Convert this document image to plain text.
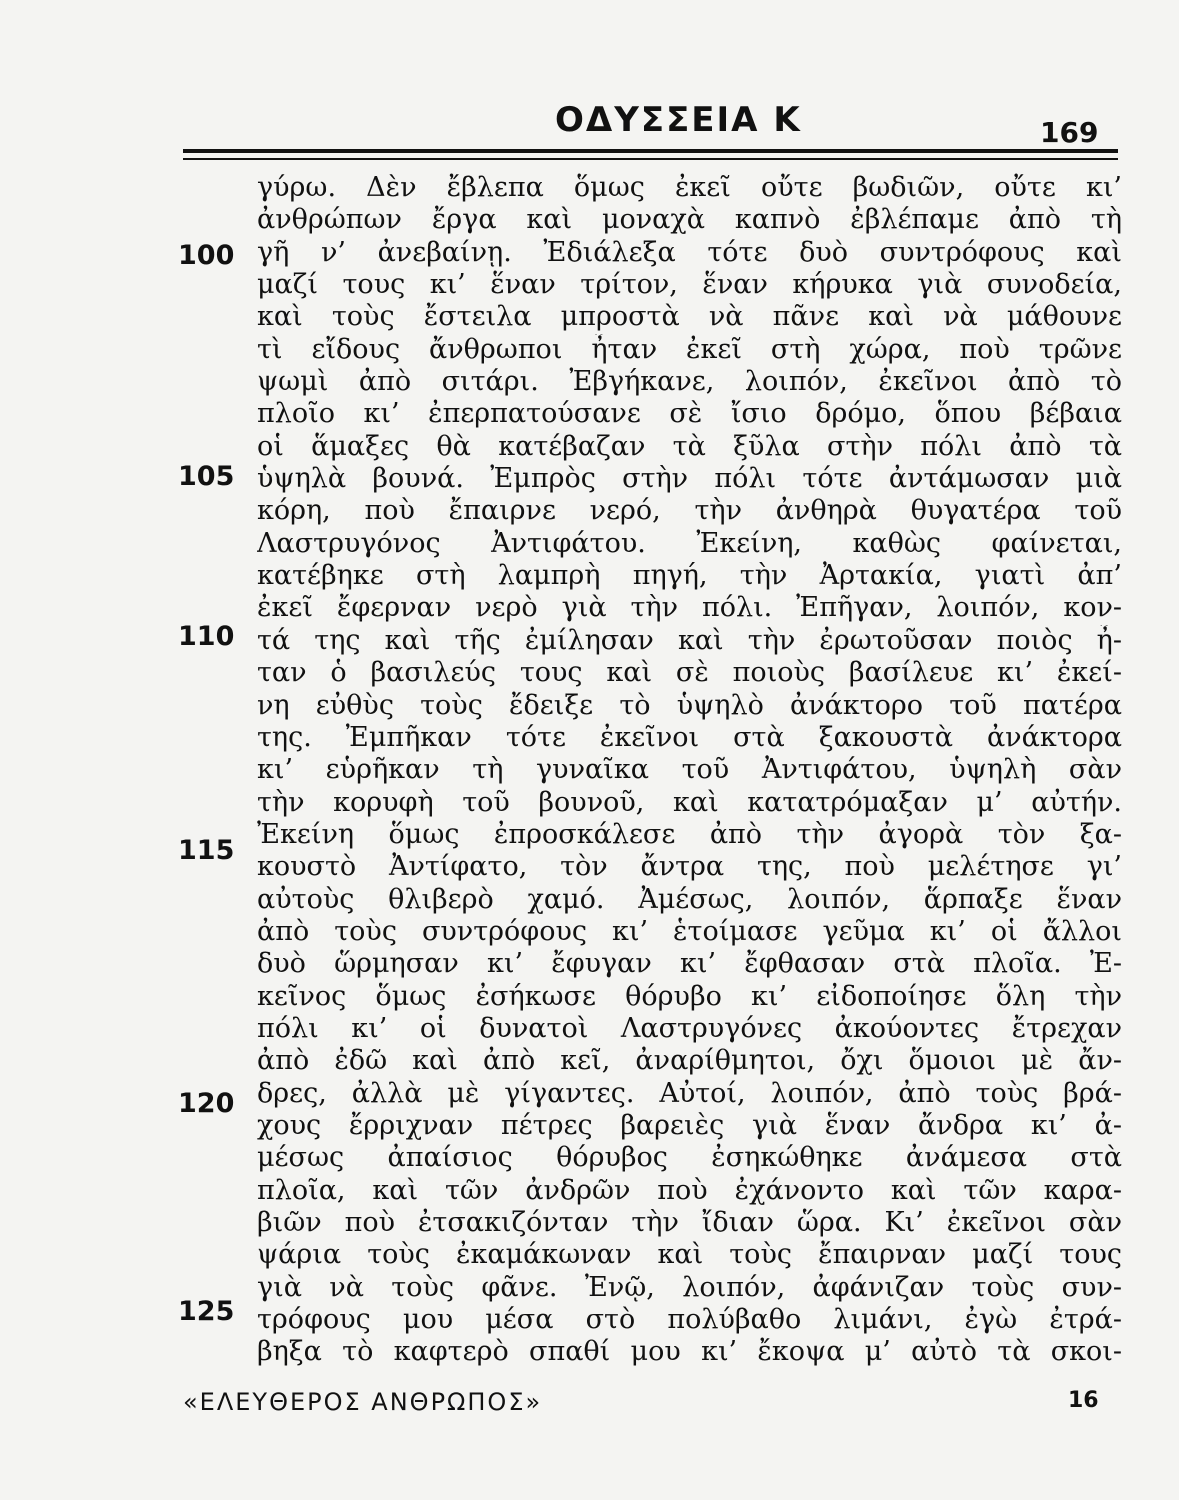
ΟΔΥΣΣΕΙΑ Κ	169
100
105
110
115
120
125
γύρω. Δὲν ἔβλεπα ὅμως ἐκεῖ οὔτε βωδιῶν, οὔτε κι’
ἀνθρώπων ἔργα καὶ μοναχὰ καπνὸ ἐβλέπαμε ἀπὸ τὴ
γῆ ν’ ἀνεβαίνῃ. Ἐδιάλεξα τότε δυὸ συντρόφους καὶ
μαζί τους κι’ ἕναν τρίτον, ἕναν κήρυκα γιὰ συνοδεία,
καὶ τοὺς ἔστειλα μπροστὰ νὰ πᾶνε καὶ νὰ μάθουνε
τὶ εἴδους ἄνθρωποι ἦταν ἐκεῖ στὴ χώρα, ποὺ τρῶνε
ψωμὶ ἀπὸ σιτάρι. Ἐβγήκανε, λοιπόν, ἐκεῖνοι ἀπὸ τὸ
πλοῖο κι’ ἐπερπατούσανε σὲ ἴσιο δρόμο, ὅπου βέβαια
οἱ ἅμαξες θὰ κατέβαζαν τὰ ξῦλα στὴν πόλι ἀπὸ τὰ
ὑψηλὰ βουνά. Ἐμπρὸς στὴν πόλι τότε ἀντάμωσαν μιὰ
κόρη, ποὺ ἔπαιρνε νερό, τὴν ἀνθηρὰ θυγατέρα τοῦ
Λαστρυγόνος Ἀντιφάτου. Ἐκείνη, καθὼς φαίνεται,
κατέβηκε στὴ λαμπρὴ πηγή, τὴν Ἀρτακία, γιατὶ ἀπ’
ἐκεῖ ἔφερναν νερὸ γιὰ τὴν πόλι. Ἐπῆγαν, λοιπόν, κον-
τά της καὶ τῆς ἐμίλησαν καὶ τὴν ἐρωτοῦσαν ποιὸς ἦ-
ταν ὁ βασιλεύς τους καὶ σὲ ποιοὺς βασίλευε κι’ ἐκεί-
νη εὐθὺς τοὺς ἔδειξε τὸ ὑψηλὸ ἀνάκτορο τοῦ πατέρα
της. Ἐμπῆκαν τότε ἐκεῖνοι στὰ ξακουστὰ ἀνάκτορα
κι’ εὑρῆκαν τὴ γυναῖκα τοῦ Ἀντιφάτου, ὑψηλὴ σὰν
τὴν κορυφὴ τοῦ βουνοῦ, καὶ κατατρόμαξαν μ’ αὐτήν.
Ἐκείνη ὅμως ἐπροσκάλεσε ἀπὸ τὴν ἀγορὰ τὸν ξα-
κουστὸ Ἀντίφατο, τὸν ἄντρα της, ποὺ μελέτησε γι’
αὐτοὺς θλιβερὸ χαμό. Ἀμέσως, λοιπόν, ἅρπαξε ἕναν
ἀπὸ τοὺς συντρόφους κι’ ἑτοίμασε γεῦμα κι’ οἱ ἄλλοι
δυὸ ὥρμησαν κι’ ἔφυγαν κι’ ἔφθασαν στὰ πλοῖα. Ἐ-
κεῖνος ὅμως ἐσήκωσε θόρυβο κι’ εἰδοποίησε ὅλη τὴν
πόλι κι’ οἱ δυνατοὶ Λαστρυγόνες ἀκούοντες ἔτρεχαν
ἀπὸ ἐδῶ καὶ ἀπὸ κεῖ, ἀναρίθμητοι, ὄχι ὅμοιοι μὲ ἄν-
δρες, ἀλλὰ μὲ γίγαντες. Αὐτοί, λοιπόν, ἀπὸ τοὺς βρά-
χους ἔρριχναν πέτρες βαρειὲς γιὰ ἕναν ἄνδρα κι’ ἀ-
μέσως ἀπαίσιος θόρυβος ἐσηκώθηκε ἀνάμεσα στὰ
πλοῖα, καὶ τῶν ἀνδρῶν ποὺ ἐχάνοντο καὶ τῶν καρα-
βιῶν ποὺ ἐτσακιζόνταν τὴν ἴδιαν ὥρα. Κι’ ἐκεῖνοι σὰν
ψάρια τοὺς ἐκαμάκωναν καὶ τοὺς ἔπαιρναν μαζί τους
γιὰ νὰ τοὺς φᾶνε. Ἐνῷ, λοιπόν, ἀφάνιζαν τοὺς συν-
τρόφους μου μέσα στὸ πολύβαθο λιμάνι, ἐγὼ ἐτρά-
βηξα τὸ καφτερὸ σπαθί μου κι’ ἔκοψα μ’ αὐτὸ τὰ σκοι-
«ΕΛΕΥΘΕΡΟΣ ΑΝΘΡΩΠΟΣ»	16
